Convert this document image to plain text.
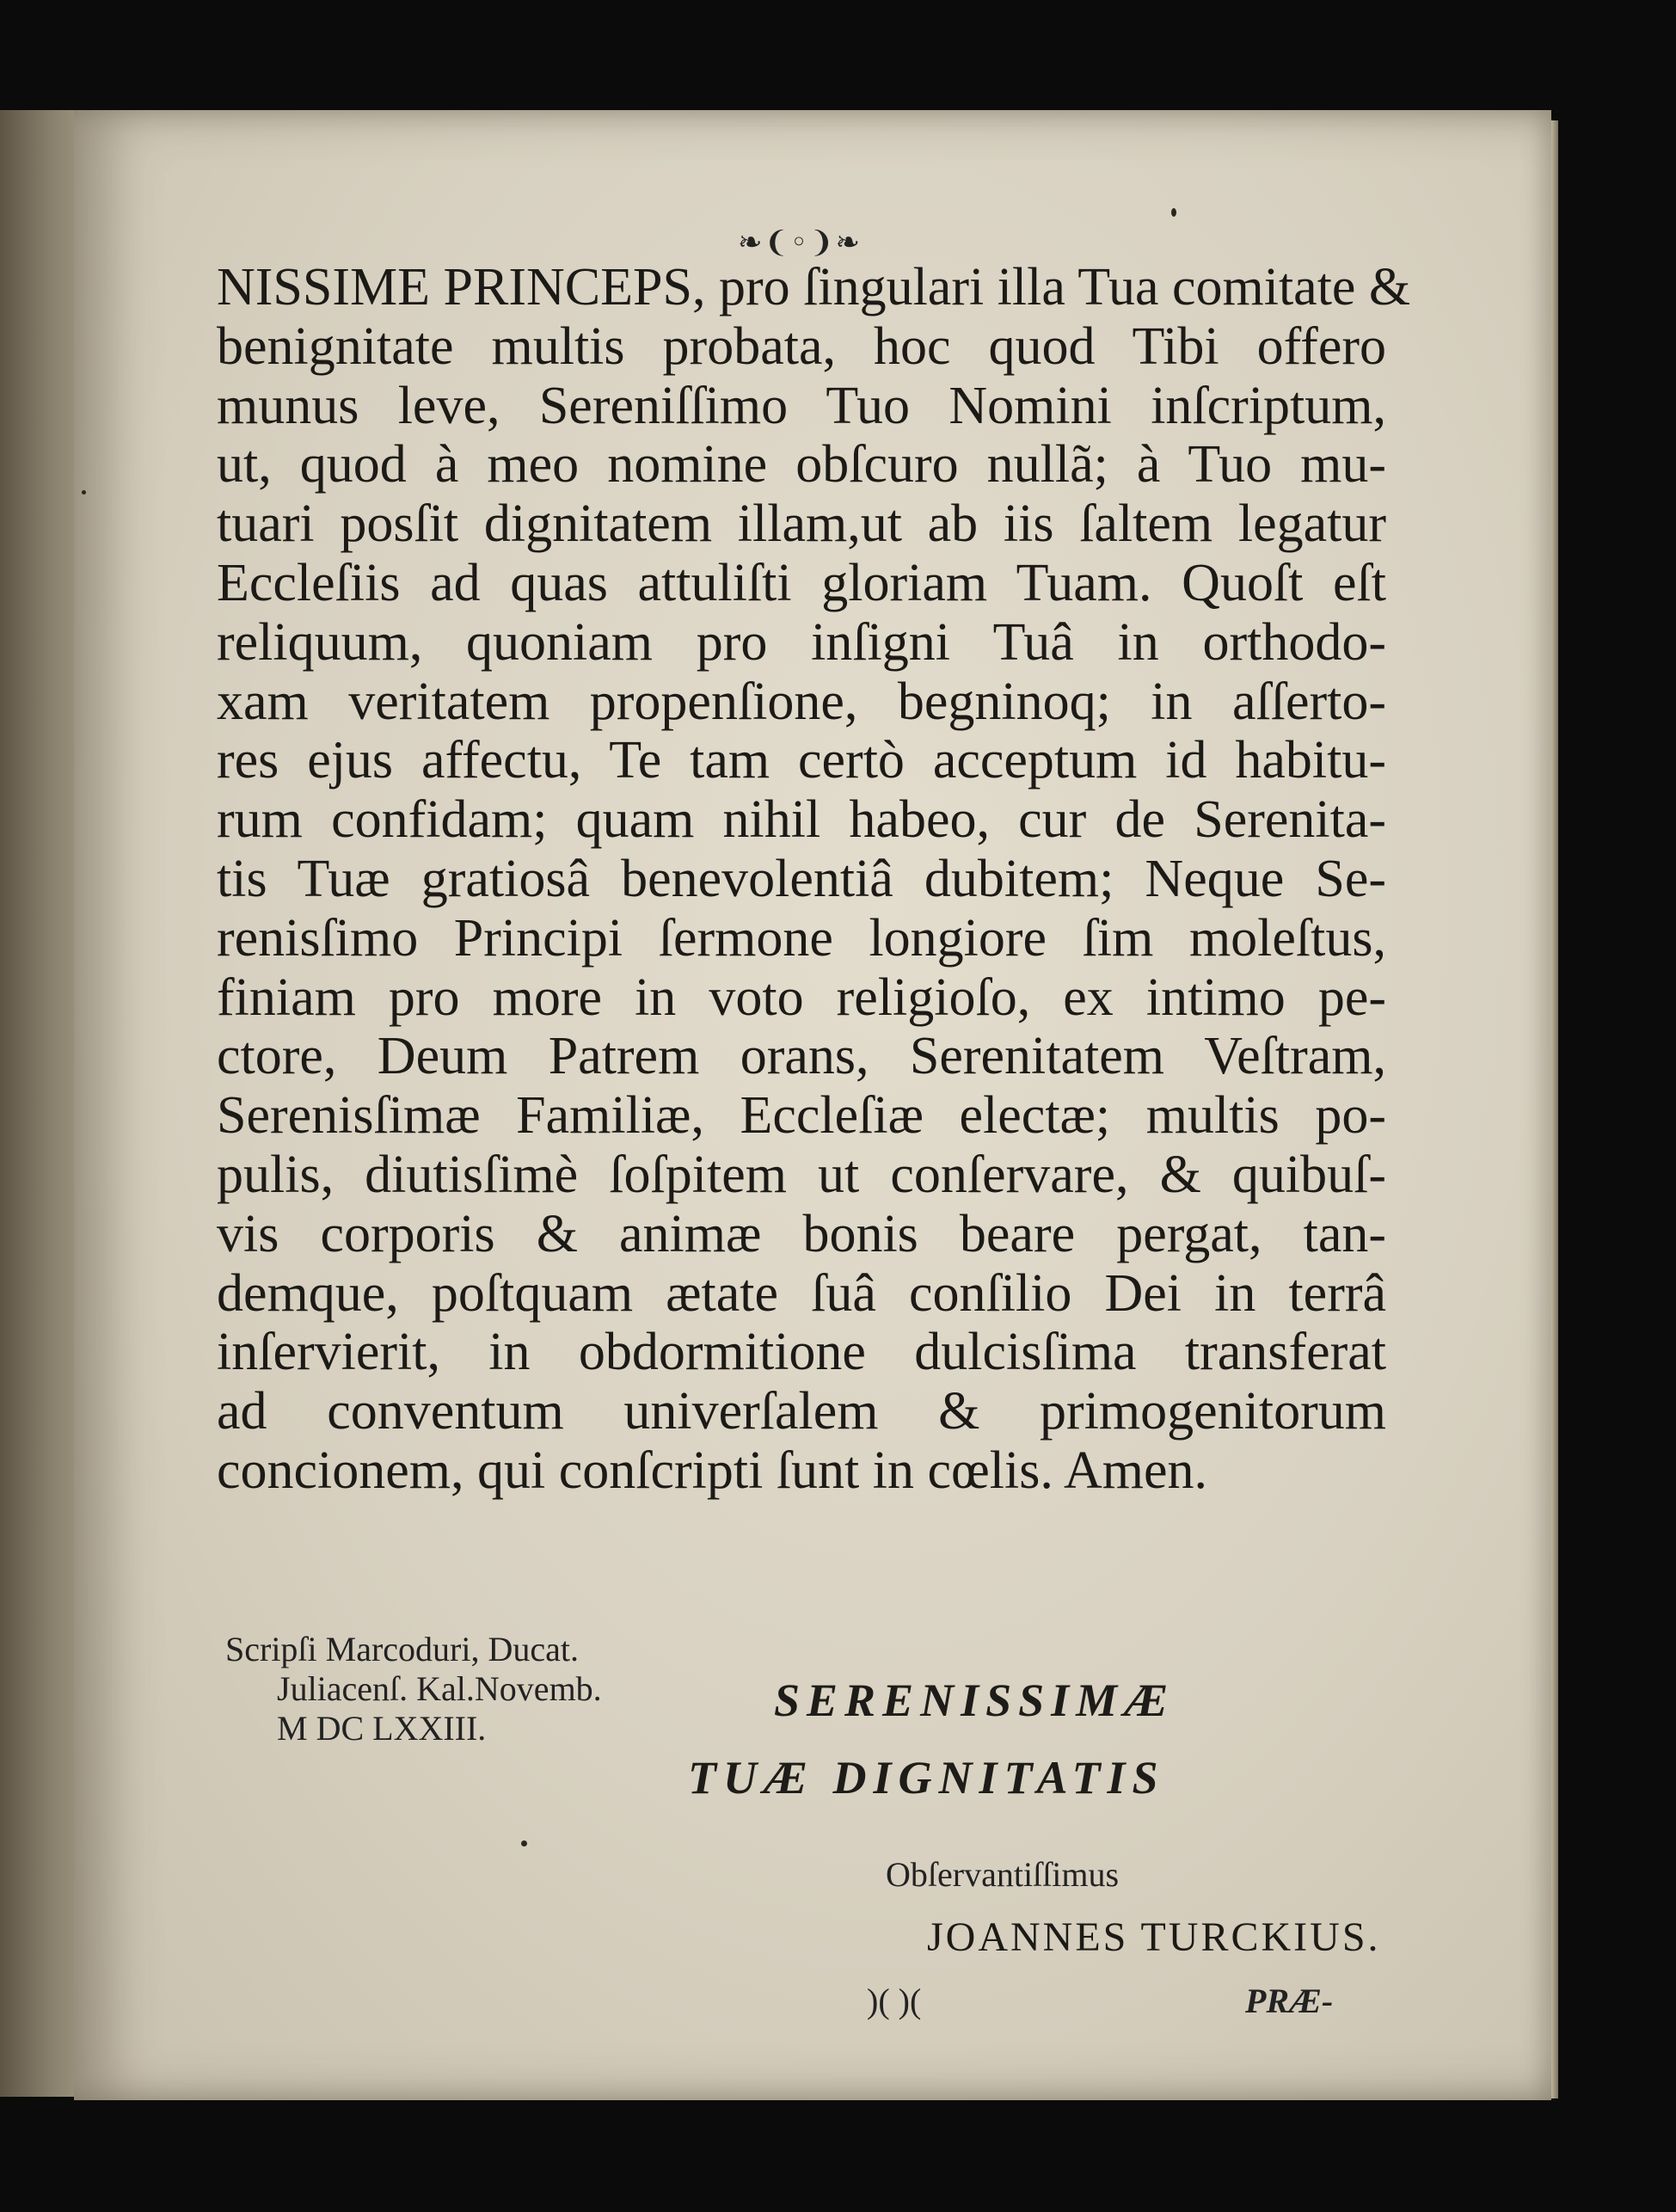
❧❨◦❩❧
NISSIME PRINCEPS, pro ſingulari illa Tua comitate &
benignitate multis probata, hoc quod Tibi offero
munus leve, Sereniſſimo Tuo Nomini inſcriptum,
ut, quod à meo nomine obſcuro nullã; à Tuo mu-
tuari posſit dignitatem illam,ut ab iis ſaltem legatur
Eccleſiis ad quas attuliſti gloriam Tuam. Quoſt eſt
reliquum, quoniam pro inſigni Tuâ in orthodo-
xam veritatem propenſione, begninoq; in aſſerto-
res ejus affectu, Te tam certò acceptum id habitu-
rum confidam; quam nihil habeo, cur de Serenita-
tis Tuæ gratiosâ benevolentiâ dubitem; Neque Se-
renisſimo Principi ſermone longiore ſim moleſtus,
finiam pro more in voto religioſo, ex intimo pe-
ctore, Deum Patrem orans, Serenitatem Veſtram,
Serenisſimæ Familiæ, Eccleſiæ electæ; multis po-
pulis, diutisſimè ſoſpitem ut conſervare, & quibuſ-
vis corporis & animæ bonis beare pergat, tan-
demque, poſtquam ætate ſuâ conſilio Dei in terrâ
inſervierit, in obdormitione dulcisſima transferat
ad conventum univerſalem & primogenitorum
concionem, qui conſcripti ſunt in cœlis. Amen.
Scripſi Marcoduri, Ducat.
Juliacenſ. Kal.Novemb.
M DC LXXIII.
SERENISSIMÆ
TUÆ DIGNITATIS
Obſervantiſſimus
JOANNES TURCKIUS.
)( )(	PRÆ-
